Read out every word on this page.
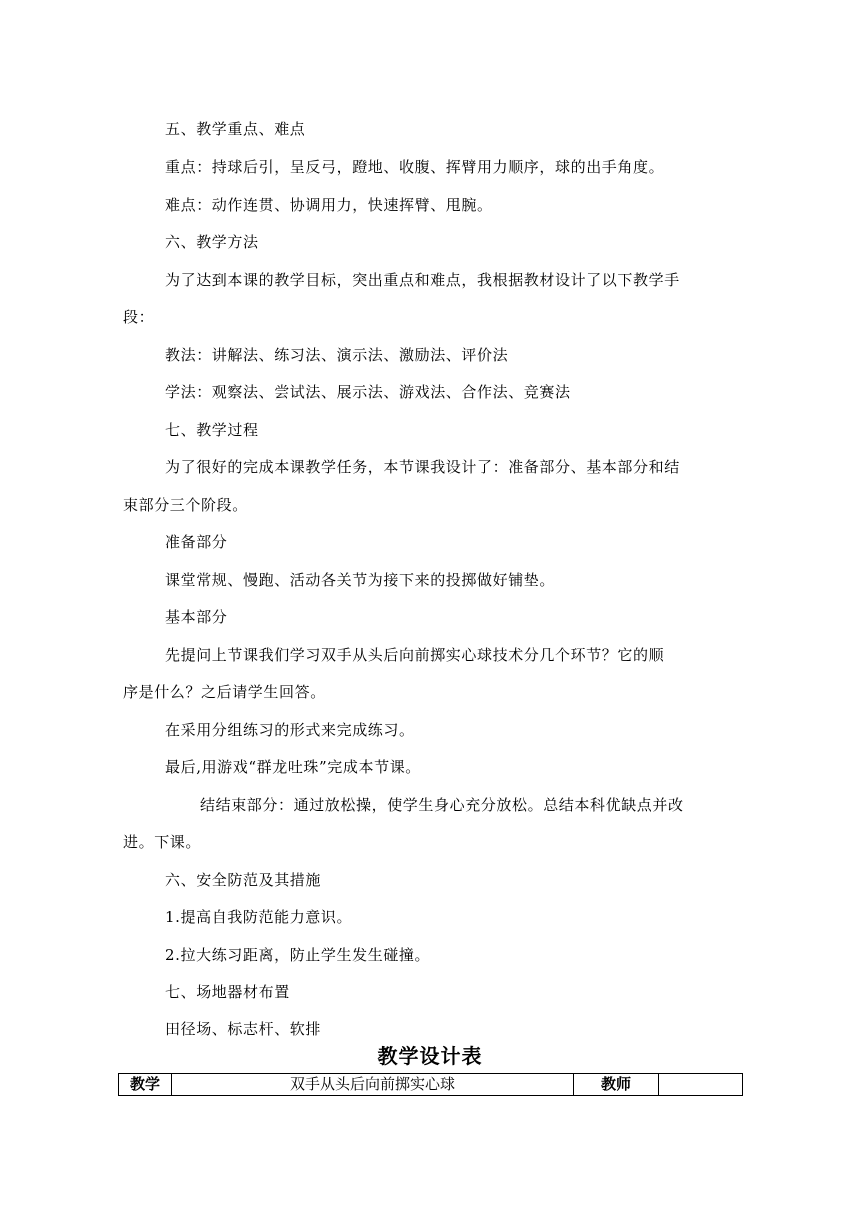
五、教学重点、难点
重点：持球后引，呈反弓，蹬地、收腹、挥臂用力顺序，球的出手角度。
难点：动作连贯、协调用力，快速挥臂、甩腕。
六、教学方法
为了达到本课的教学目标，突出重点和难点，我根据教材设计了以下教学手
段：
教法：讲解法、练习法、演示法、激励法、评价法
学法：观察法、尝试法、展示法、游戏法、合作法、竞赛法
七、教学过程
为了很好的完成本课教学任务，本节课我设计了：准备部分、基本部分和结
束部分三个阶段。
准备部分
课堂常规、慢跑、活动各关节为接下来的投掷做好铺垫。
基本部分
先提问上节课我们学习双手从头后向前掷实心球技术分几个环节？它的顺
序是什么？之后请学生回答。
在采用分组练习的形式来完成练习。
最后,用游戏“群龙吐珠”完成本节课。
结结束部分：通过放松操，使学生身心充分放松。总结本科优缺点并改
进。下课。
六、安全防范及其措施
1.提高自我防范能力意识。
2.拉大练习距离，防止学生发生碰撞。
七、场地器材布置
田径场、标志杆、软排
教学设计表
教学	双手从头后向前掷实心球	教师	
